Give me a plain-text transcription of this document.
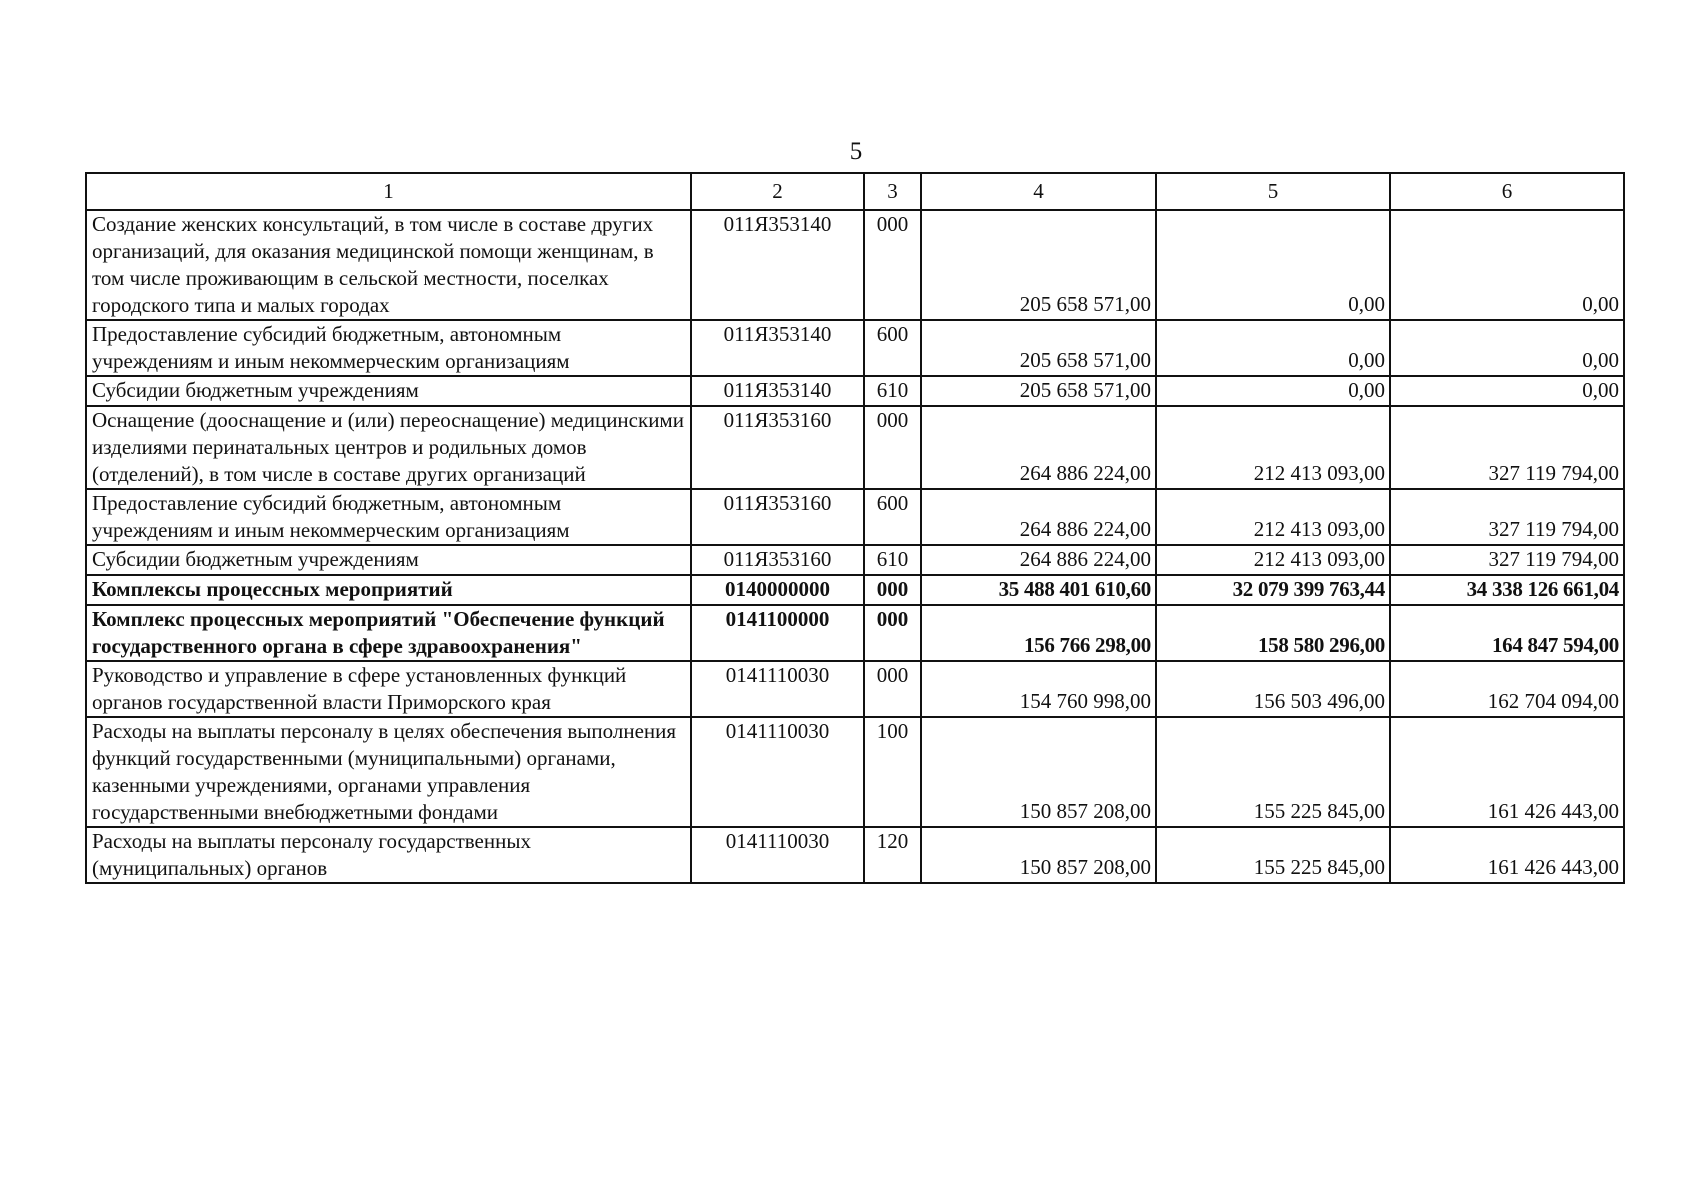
5
1	2	3	4	5	6
Создание женских консультаций, в том числе в составе других организаций, для оказания медицинской помощи женщинам, в том числе проживающим в сельской местности, поселках городского типа и малых городах	011Я353140	000	205 658 571,00	0,00	0,00
Предоставление субсидий бюджетным, автономным учреждениям и иным некоммерческим организациям	011Я353140	600	205 658 571,00	0,00	0,00
Субсидии бюджетным учреждениям	011Я353140	610	205 658 571,00	0,00	0,00
Оснащение (дооснащение и (или) переоснащение) медицинскими изделиями перинатальных центров и родильных домов (отделений), в том числе в составе других организаций	011Я353160	000	264 886 224,00	212 413 093,00	327 119 794,00
Предоставление субсидий бюджетным, автономным учреждениям и иным некоммерческим организациям	011Я353160	600	264 886 224,00	212 413 093,00	327 119 794,00
Субсидии бюджетным учреждениям	011Я353160	610	264 886 224,00	212 413 093,00	327 119 794,00
Комплексы процессных мероприятий	0140000000	000	35 488 401 610,60	32 079 399 763,44	34 338 126 661,04
Комплекс процессных мероприятий "Обеспечение функций государственного органа в сфере здравоохранения"	0141100000	000	156 766 298,00	158 580 296,00	164 847 594,00
Руководство и управление в сфере установленных функций органов государственной власти Приморского края	0141110030	000	154 760 998,00	156 503 496,00	162 704 094,00
Расходы на выплаты персоналу в целях обеспечения выполнения функций государственными (муниципальными) органами, казенными учреждениями, органами управления государственными внебюджетными фондами	0141110030	100	150 857 208,00	155 225 845,00	161 426 443,00
Расходы на выплаты персоналу государственных (муниципальных) органов	0141110030	120	150 857 208,00	155 225 845,00	161 426 443,00
